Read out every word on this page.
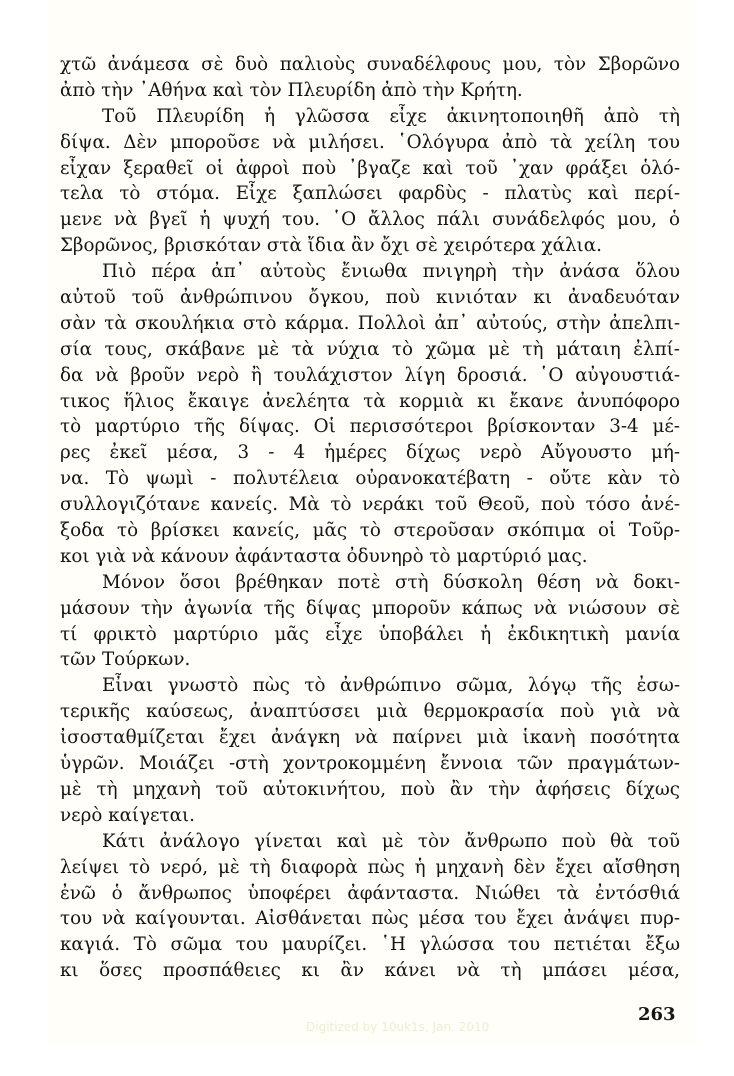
Digitized by 10uk1s, Jan. 2010
χτῶ ἀνάμεσα σὲ δυὸ παλιοὺς συναδέλφους μου, τὸν Σβορῶνο
ἀπὸ τὴν ᾿Αθήνα καὶ τὸν Πλευρίδη ἀπὸ τὴν Κρήτη.
Τοῦ Πλευρίδη ἡ γλῶσσα εἶχε ἀκινητοποιηθῆ ἀπὸ τὴ
δίψα. Δὲν μποροῦσε νὰ μιλήσει. ῾Ολόγυρα ἀπὸ τὰ χείλη του
εἶχαν ξεραθεῖ οἱ ἀφροὶ ποὺ ᾿βγαζε καὶ τοῦ ᾿χαν φράξει ὁλό-
τελα τὸ στόμα. Εἶχε ξαπλώσει φαρδὺς - πλατὺς καὶ περί-
μενε νὰ βγεῖ ἡ ψυχή του. ῾Ο ἄλλος πάλι συνάδελφός μου, ὁ
Σβορῶνος, βρισκόταν στὰ ἴδια ἂν ὄχι σὲ χειρότερα χάλια.
Πιὸ πέρα ἀπ᾿ αὐτοὺς ἔνιωθα πνιγηρὴ τὴν ἀνάσα ὅλου
αὐτοῦ τοῦ ἀνθρώπινου ὄγκου, ποὺ κινιόταν κι ἀναδευόταν
σὰν τὰ σκουλήκια στὸ κάρμα. Πολλοὶ ἀπ᾿ αὐτούς, στὴν ἀπελπι-
σία τους, σκάβανε μὲ τὰ νύχια τὸ χῶμα μὲ τὴ μάταιη ἐλπί-
δα νὰ βροῦν νερὸ ἢ τουλάχιστον λίγη δροσιά. ῾Ο αὐγουστιά-
τικος ἥλιος ἔκαιγε ἀνελέητα τὰ κορμιὰ κι ἔκανε ἀνυπόφορο
τὸ μαρτύριο τῆς δίψας. Οἱ περισσότεροι βρίσκονταν 3-4 μέ-
ρες ἐκεῖ μέσα, 3 - 4 ἡμέρες δίχως νερὸ Αὔγουστο μή-
να. Τὸ ψωμὶ - πολυτέλεια οὐρανοκατέβατη - οὔτε κὰν τὸ
συλλογιζότανε κανείς. Μὰ τὸ νεράκι τοῦ Θεοῦ, ποὺ τόσο ἀνέ-
ξοδα τὸ βρίσκει κανείς, μᾶς τὸ στεροῦσαν σκόπιμα οἱ Τοῦρ-
κοι γιὰ νὰ κάνουν ἀφάνταστα ὀδυνηρὸ τὸ μαρτύριό μας.
Μόνον ὅσοι βρέθηκαν ποτὲ στὴ δύσκολη θέση νὰ δοκι-
μάσουν τὴν ἀγωνία τῆς δίψας μποροῦν κάπως νὰ νιώσουν σὲ
τί φρικτὸ μαρτύριο μᾶς εἶχε ὑποβάλει ἡ ἐκδικητικὴ μανία
τῶν Τούρκων.
Εἶναι γνωστὸ πὼς τὸ ἀνθρώπινο σῶμα, λόγῳ τῆς ἐσω-
τερικῆς καύσεως, ἀναπτύσσει μιὰ θερμοκρασία ποὺ γιὰ νὰ
ἰσοσταθμίζεται ἔχει ἀνάγκη νὰ παίρνει μιὰ ἱκανὴ ποσότητα
ὑγρῶν. Μοιάζει -στὴ χοντροκομμένη ἔννοια τῶν πραγμάτων-
μὲ τὴ μηχανὴ τοῦ αὐτοκινήτου, ποὺ ἂν τὴν ἀφήσεις δίχως
νερὸ καίγεται.
Κάτι ἀνάλογο γίνεται καὶ μὲ τὸν ἄνθρωπο ποὺ θὰ τοῦ
λείψει τὸ νερό, μὲ τὴ διαφορὰ πὼς ἡ μηχανὴ δὲν ἔχει αἴσθηση
ἐνῶ ὁ ἄνθρωπος ὑποφέρει ἀφάνταστα. Νιώθει τὰ ἐντόσθιά
του νὰ καίγουνται. Αἰσθάνεται πὼς μέσα του ἔχει ἀνάψει πυρ-
καγιά. Τὸ σῶμα του μαυρίζει. ῾Η γλώσσα του πετιέται ἔξω
κι ὅσες προσπάθειες κι ἂν κάνει νὰ τὴ μπάσει μέσα,
263
